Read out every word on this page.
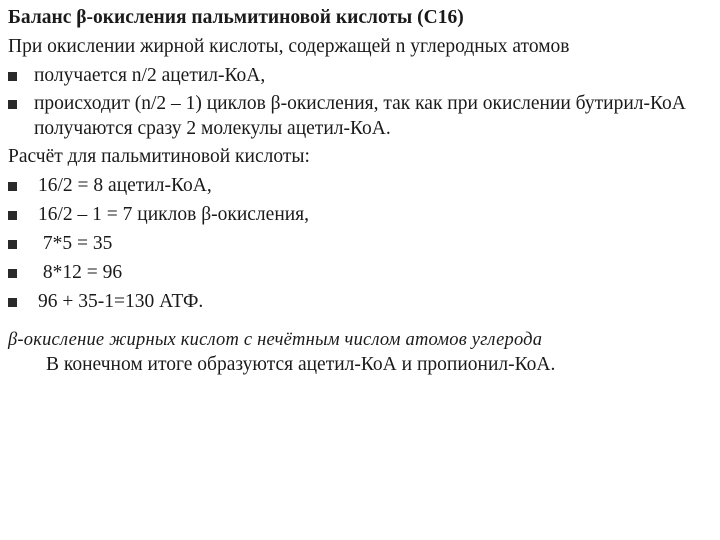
Баланс β-окисления пальмитиновой кислоты (С16)
При окислении жирной кислоты, содержащей n углеродных атомов
получается n/2 ацетил-КоА,
происходит (n/2 – 1) циклов β-окисления, так как при окислении бутирил-КоА
получаются сразу 2 молекулы ацетил-КоА.
Расчёт для пальмитиновой кислоты:
16/2 = 8 ацетил-КоА,
16/2 – 1 = 7 циклов β-окисления,
7*5 = 35
8*12 = 96
96 + 35-1=130 АТФ.
β-окисление жирных кислот с нечётным числом атомов углерода
В конечном итоге образуются ацетил-КоА и пропионил-КоА.
